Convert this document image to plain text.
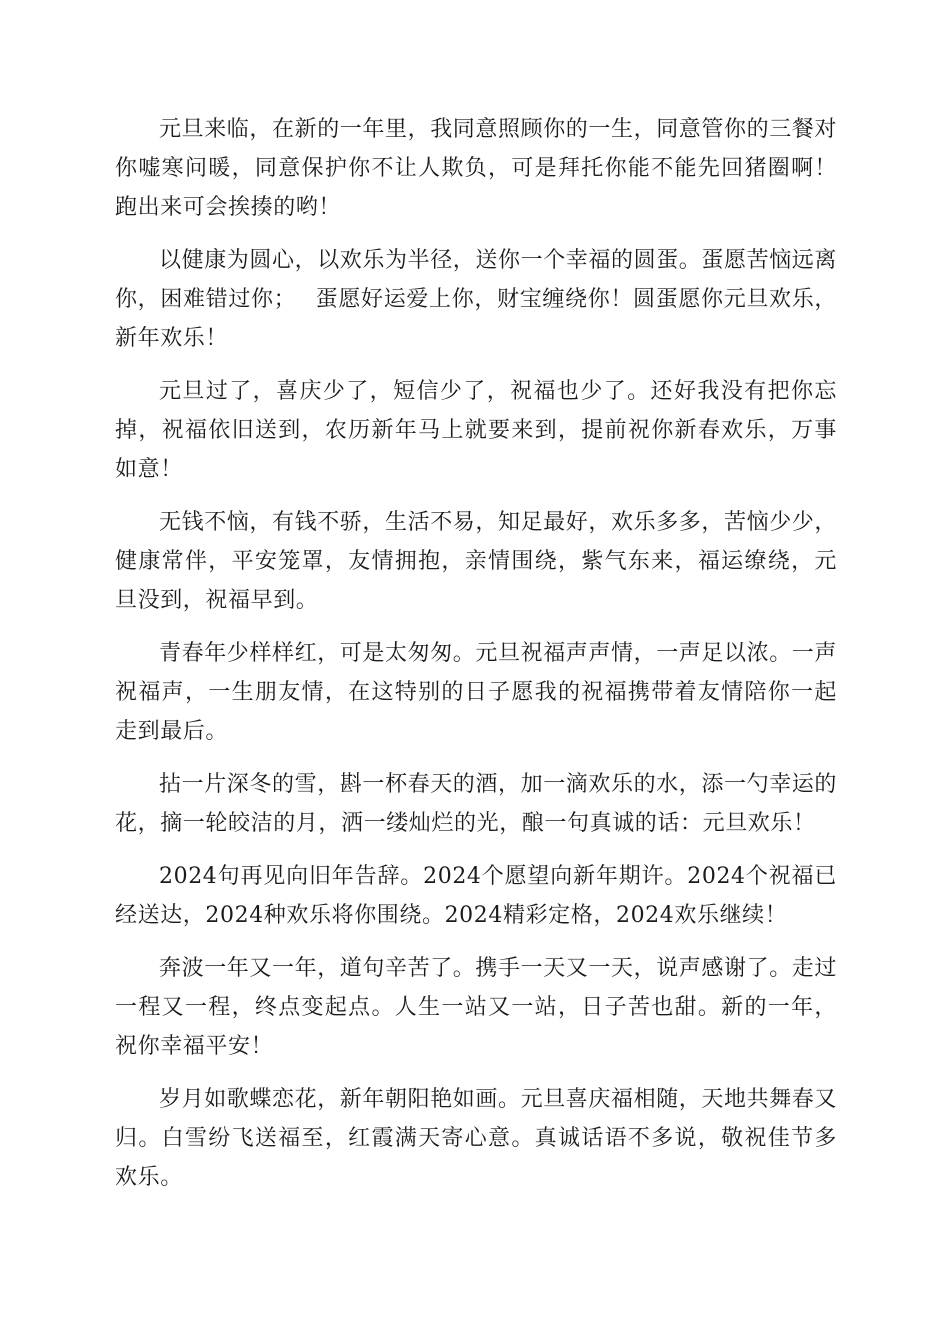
元旦来临，在新的一年里，我同意照顾你的一生，同意管你的三餐对你嘘寒问暖，同意保护你不让人欺负，可是拜托你能不能先回猪圈啊！跑出来可会挨揍的哟！

以健康为圆心，以欢乐为半径，送你一个幸福的圆蛋。蛋愿苦恼远离你，困难错过你；　 蛋愿好运爱上你，财宝缠绕你！圆蛋愿你元旦欢乐，新年欢乐！

元旦过了，喜庆少了，短信少了，祝福也少了。还好我没有把你忘掉，祝福依旧送到，农历新年马上就要来到，提前祝你新春欢乐，万事如意！

无钱不恼，有钱不骄，生活不易，知足最好，欢乐多多，苦恼少少，健康常伴，平安笼罩，友情拥抱，亲情围绕，紫气东来，福运缭绕，元旦没到，祝福早到。

青春年少样样红，可是太匆匆。元旦祝福声声情，一声足以浓。一声祝福声，一生朋友情，在这特别的日子愿我的祝福携带着友情陪你一起走到最后。

拈一片深冬的雪，斟一杯春天的酒，加一滴欢乐的水，添一勺幸运的花，摘一轮皎洁的月，洒一缕灿烂的光，酿一句真诚的话：元旦欢乐！

2024句再见向旧年告辞。2024个愿望向新年期许。2024个祝福已经送达，2024种欢乐将你围绕。2024精彩定格，2024欢乐继续！

奔波一年又一年，道句辛苦了。携手一天又一天，说声感谢了。走过一程又一程，终点变起点。人生一站又一站，日子苦也甜。新的一年，祝你幸福平安！

岁月如歌蝶恋花，新年朝阳艳如画。元旦喜庆福相随，天地共舞春又归。白雪纷飞送福至，红霞满天寄心意。真诚话语不多说，敬祝佳节多欢乐。
